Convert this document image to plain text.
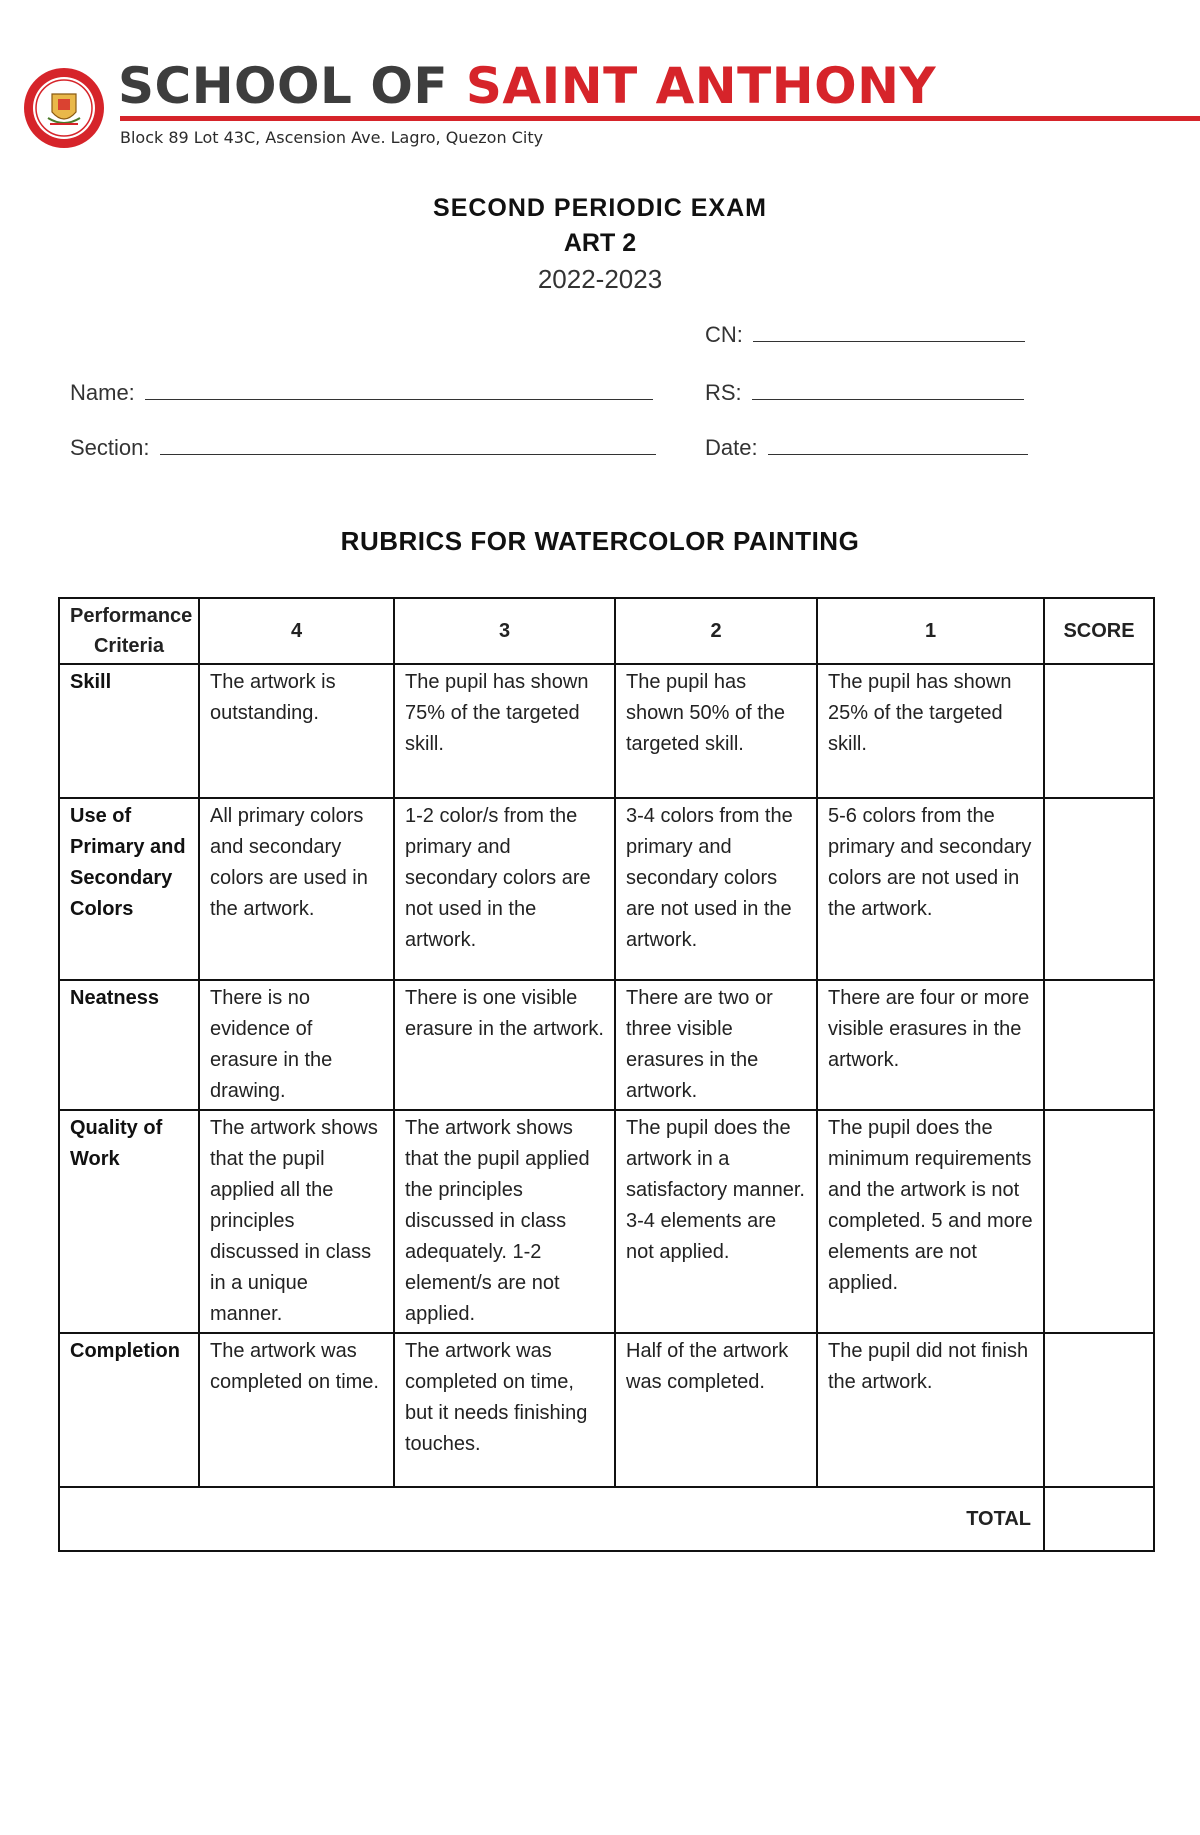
SCHOOL OF SAINT ANTHONY
Block 89 Lot 43C, Ascension Ave. Lagro, Quezon City
SECOND PERIODIC EXAM
ART 2
2022-2023
CN:
Name:	RS:
Section:	Date:
RUBRICS FOR WATERCOLOR PAINTING
Performance Criteria	4	3	2	1	SCORE
Skill	The artwork is outstanding.	The pupil has shown 75% of the targeted skill.	The pupil has shown 50% of the targeted skill.	The pupil has shown 25% of the targeted skill.	
Use of Primary and Secondary Colors	All primary colors and secondary colors are used in the artwork.	1-2 color/s from the primary and secondary colors are not used in the artwork.	3-4 colors from the primary and secondary colors are not used in the artwork.	5-6 colors from the primary and secondary colors are not used in the artwork.	
Neatness	There is no evidence of erasure in the drawing.	There is one visible erasure in the artwork.	There are two or three visible erasures in the artwork.	There are four or more visible erasures in the artwork.	
Quality of Work	The artwork shows that the pupil applied all the principles discussed in class in a unique manner.	The artwork shows that the pupil applied the principles discussed in class adequately. 1-2 element/s are not applied.	The pupil does the artwork in a satisfactory manner. 3-4 elements are not applied.	The pupil does the minimum requirements and the artwork is not completed. 5 and more elements are not applied.	
Completion	The artwork was completed on time.	The artwork was completed on time, but it needs finishing touches.	Half of the artwork was completed.	The pupil did not finish the artwork.	
TOTAL					
